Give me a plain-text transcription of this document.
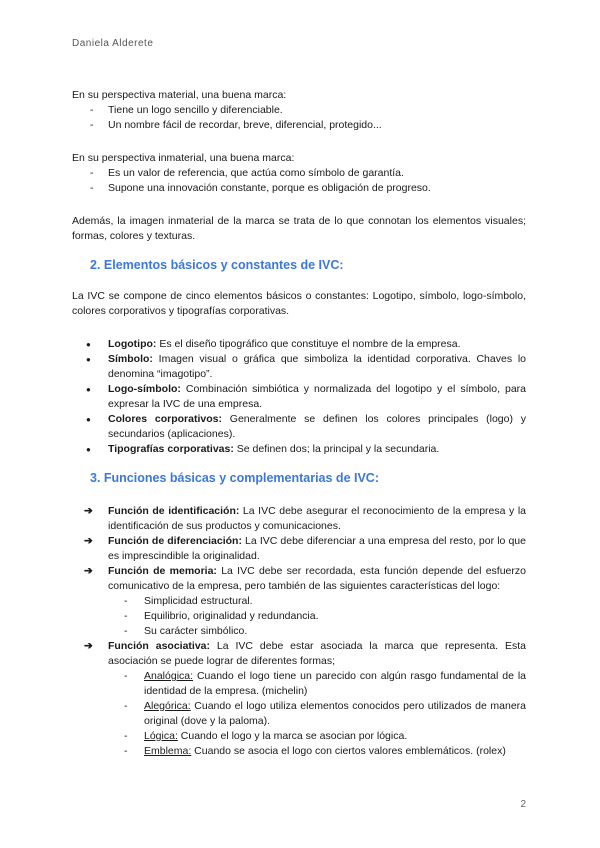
Daniela Alderete

En su perspectiva material, una buena marca:

- Tiene un logo sencillo y diferenciable.
- Un nombre fácil de recordar, breve, diferencial, protegido...

En su perspectiva inmaterial, una buena marca:

- Es un valor de referencia, que actúa como símbolo de garantía.
- Supone una innovación constante, porque es obligación de progreso.

Además, la imagen inmaterial de la marca se trata de lo que connotan los elementos visuales; formas, colores y texturas.

2. Elementos básicos y constantes de IVC:

La IVC se compone de cinco elementos básicos o constantes: Logotipo, símbolo, logo-símbolo, colores corporativos y tipografías corporativas.

● Logotipo: Es el diseño tipográfico que constituye el nombre de la empresa.
● Símbolo: Imagen visual o gráfica que simboliza la identidad corporativa. Chaves lo denomina “imagotipo”.
● Logo-símbolo: Combinación simbiótica y normalizada del logotipo y el símbolo, para expresar la IVC de una empresa.
● Colores corporativos: Generalmente se definen los colores principales (logo) y secundarios (aplicaciones).
● Tipografías corporativas: Se definen dos; la principal y la secundaria.
3. Funciones básicas y complementarias de IVC:
➔ Función de identificación: La IVC debe asegurar el reconocimiento de la empresa y la identificación de sus productos y comunicaciones.
➔ Función de diferenciación: La IVC debe diferenciar a una empresa del resto, por lo que es imprescindible la originalidad.
➔ Función de memoria: La IVC debe ser recordada, esta función depende del esfuerzo comunicativo de la empresa, pero también de las siguientes características del logo:
- Simplicidad estructural.
- Equilibrio, originalidad y redundancia.
- Su carácter simbólico.
➔ Función asociativa: La IVC debe estar asociada la marca que representa. Esta asociación se puede lograr de diferentes formas;
- Analógica: Cuando el logo tiene un parecido con algún rasgo fundamental de la identidad de la empresa. (michelin)
- Alegórica: Cuando el logo utiliza elementos conocidos pero utilizados de manera original (dove y la paloma).
- Lógica: Cuando el logo y la marca se asocian por lógica.
- Emblema: Cuando se asocia el logo con ciertos valores emblemáticos. (rolex)
2
